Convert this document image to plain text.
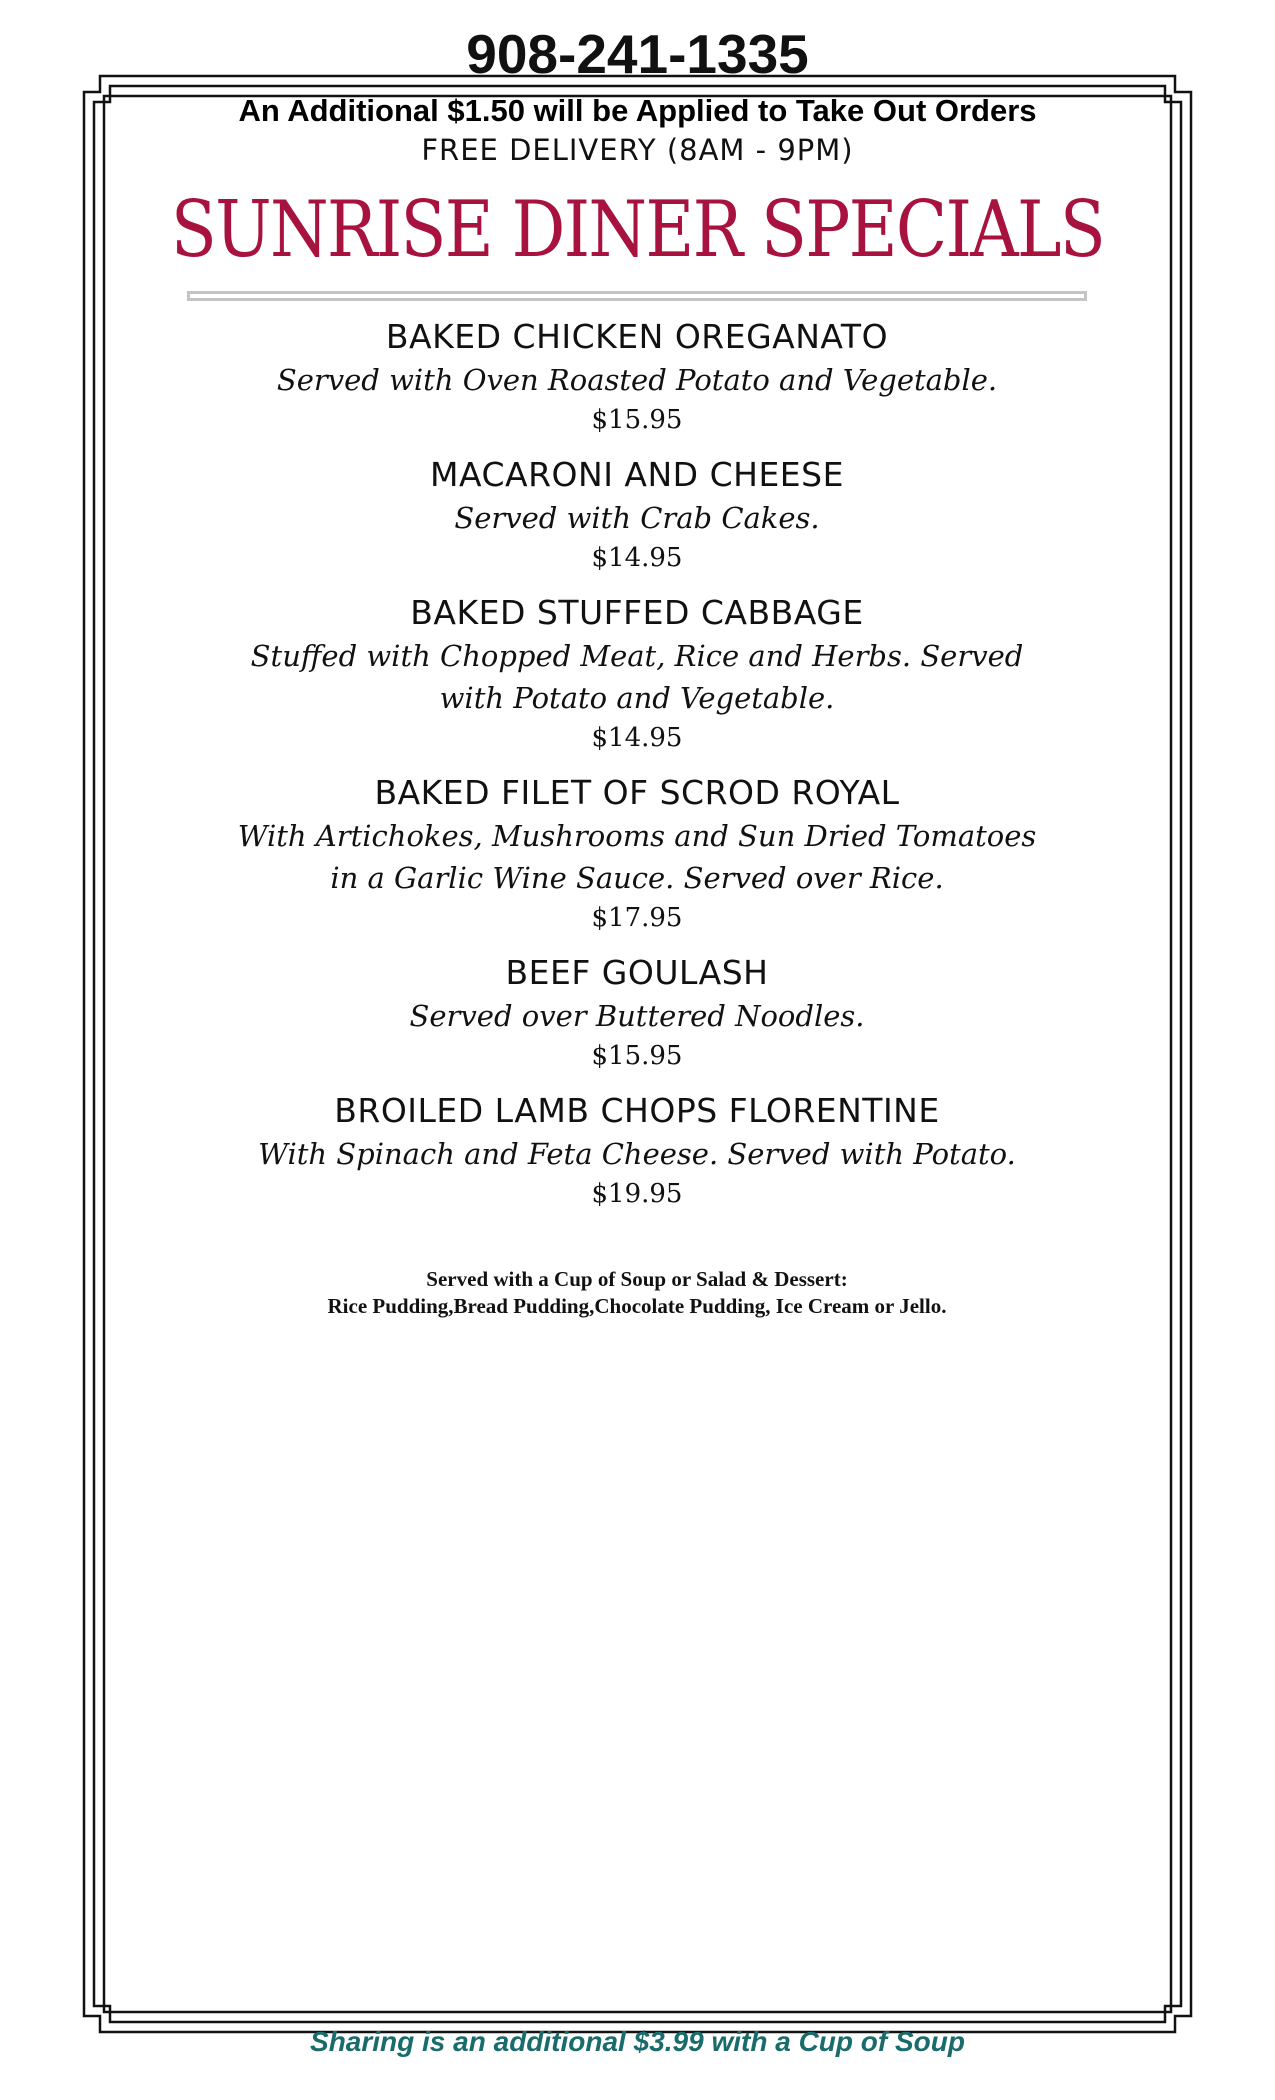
908-241-1335
An Additional $1.50 will be Applied to Take Out Orders
FREE DELIVERY (8AM - 9PM)
SUNRISE DINER SPECIALS
BAKED CHICKEN OREGANATO
Served with Oven Roasted Potato and Vegetable.
$15.95
MACARONI AND CHEESE
Served with Crab Cakes.
$14.95
BAKED STUFFED CABBAGE
Stuffed with Chopped Meat, Rice and Herbs. Served with Potato and Vegetable.
$14.95
BAKED FILET OF SCROD ROYAL
With Artichokes, Mushrooms and Sun Dried Tomatoes in a Garlic Wine Sauce. Served over Rice.
$17.95
BEEF GOULASH
Served over Buttered Noodles.
$15.95
BROILED LAMB CHOPS FLORENTINE
With Spinach and Feta Cheese. Served with Potato.
$19.95
Served with a Cup of Soup or Salad & Dessert:
Rice Pudding,Bread Pudding,Chocolate Pudding, Ice Cream or Jello.
Sharing is an additional $3.99 with a Cup of Soup
